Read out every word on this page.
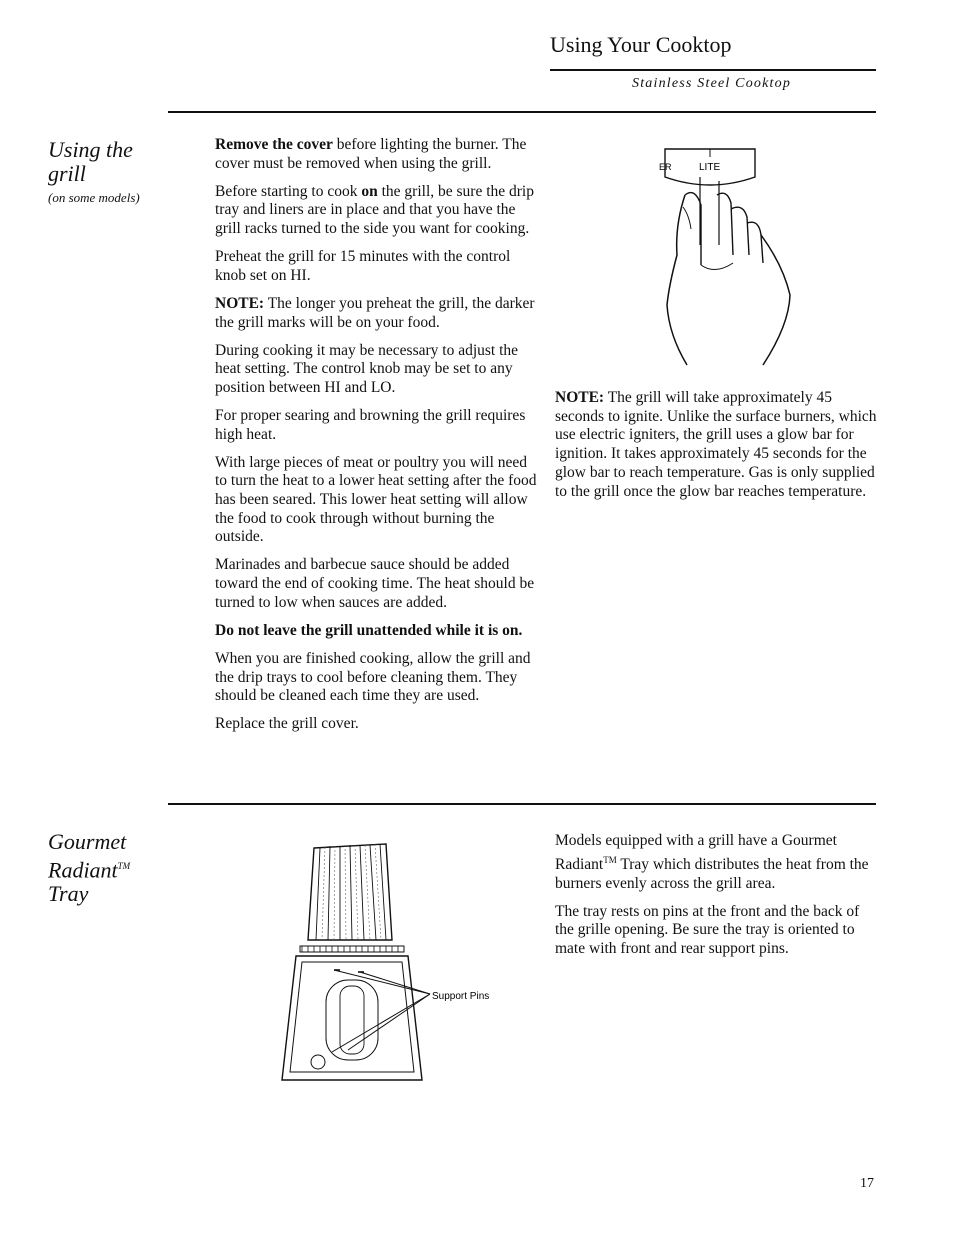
Using Your Cooktop
Stainless Steel Cooktop
Using the
grill
(on some models)

Remove the cover before lighting the burner. The cover must be removed when using the grill.

Before starting to cook on the grill, be sure the drip tray and liners are in place and that you have the grill racks turned to the side you want for cooking.

Preheat the grill for 15 minutes with the control knob set on HI.

NOTE: The longer you preheat the grill, the darker the grill marks will be on your food.

During cooking it may be necessary to adjust the heat setting. The control knob may be set to any position between HI and LO.

For proper searing and browning the grill requires high heat.

With large pieces of meat or poultry you will need to turn the heat to a lower heat setting after the food has been seared. This lower heat setting will allow the food to cook through without burning the outside.

Marinades and barbecue sauce should be added toward the end of cooking time. The heat should be turned to low when sauces are added.

Do not leave the grill unattended while it is on.

When you are finished cooking, allow the grill and the drip trays to cool before cleaning them. They should be cleaned each time they are used.

Replace the grill cover.

ER	LITE

NOTE: The grill will take approximately 45 seconds to ignite. Unlike the surface burners, which use electric igniters, the grill uses a glow bar for ignition. It takes approximately 45 seconds for the glow bar to reach temperature. Gas is only supplied to the grill once the glow bar reaches temperature.

Gourmet
Radiant™
Tray
Support Pins

Models equipped with a grill have a Gourmet Radiant™ Tray which distributes the heat from the burners evenly across the grill area.

The tray rests on pins at the front and the back of the grille opening. Be sure the tray is oriented to mate with front and rear support pins.

17
